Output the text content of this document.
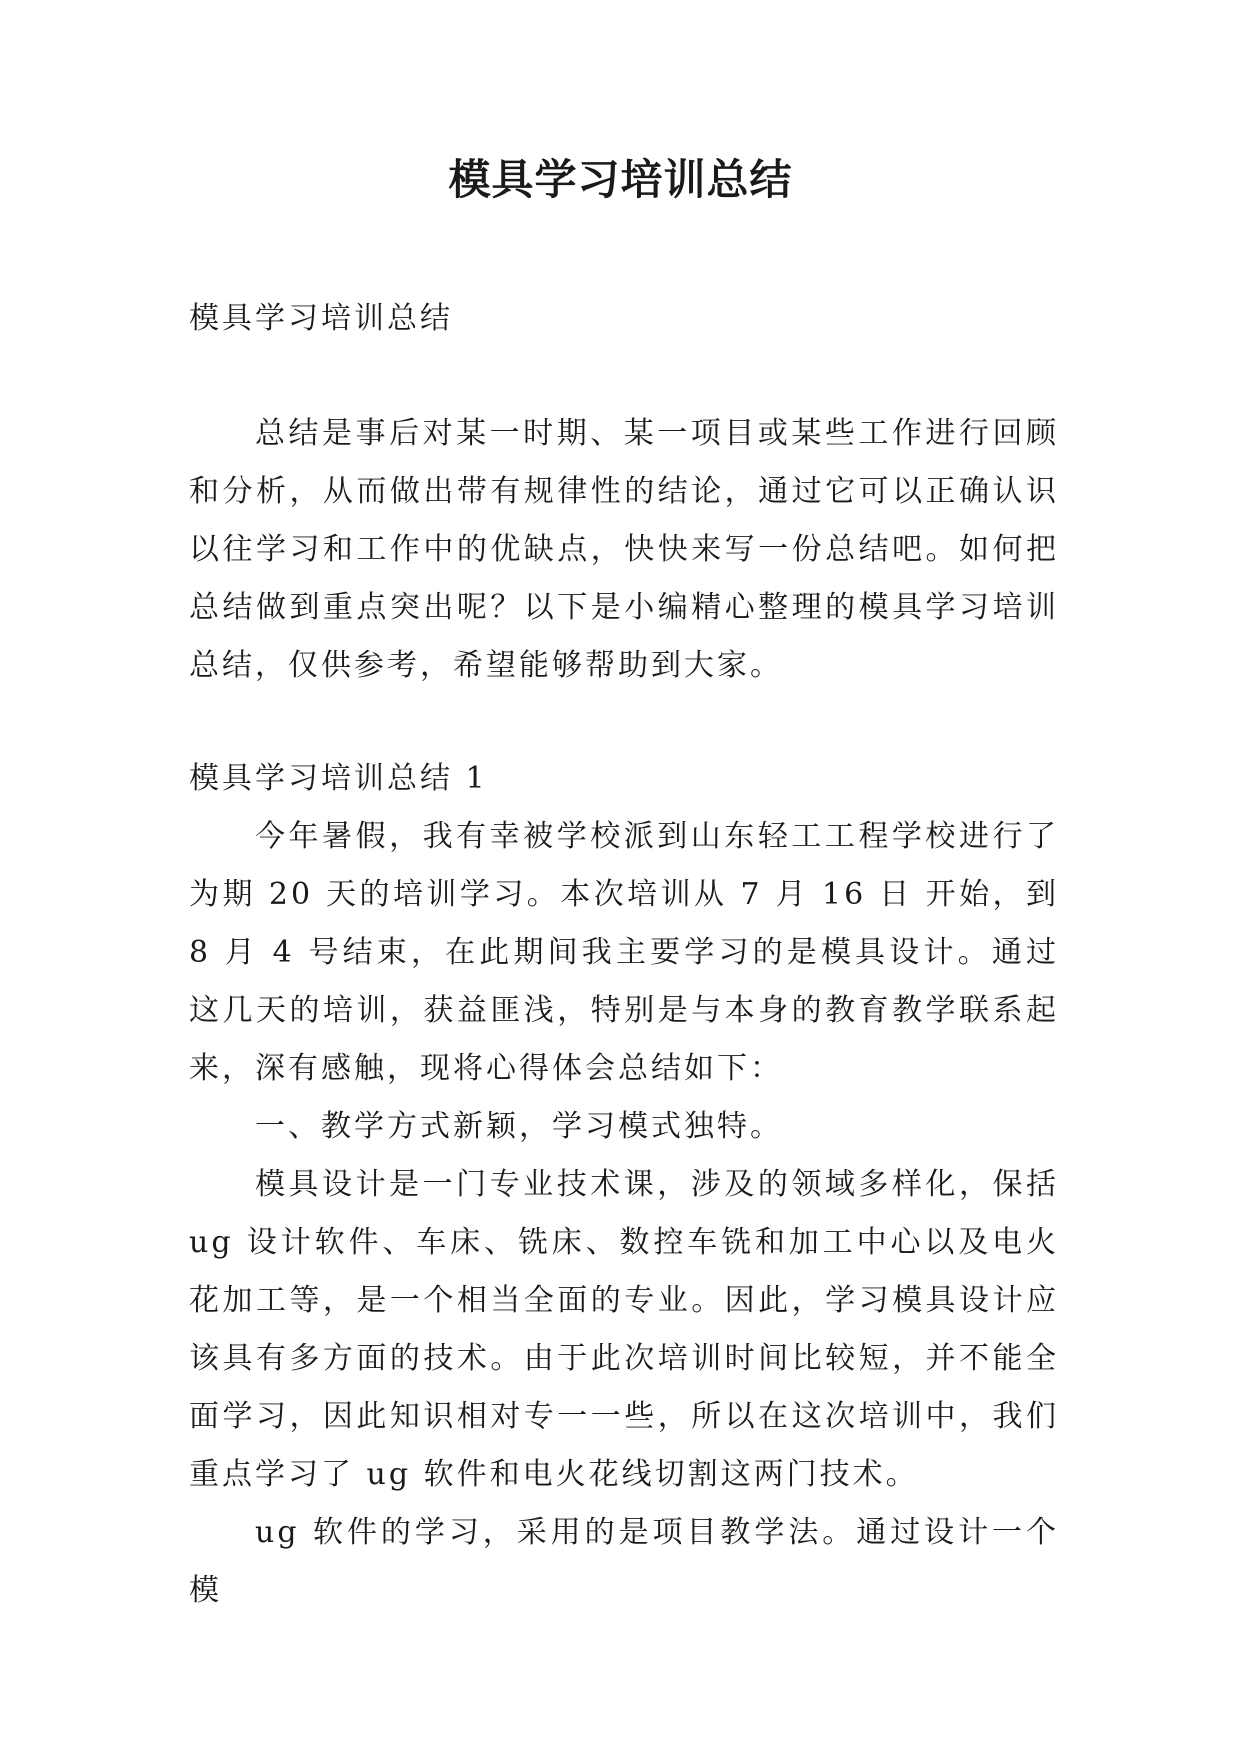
模具学习培训总结

模具学习培训总结

总结是事后对某一时期、某一项目或某些工作进行回顾和分析，从而做出带有规律性的结论，通过它可以正确认识以往学习和工作中的优缺点，快快来写一份总结吧。如何把总结做到重点突出呢？以下是小编精心整理的模具学习培训总结，仅供参考，希望能够帮助到大家。

模具学习培训总结 1

今年暑假，我有幸被学校派到山东轻工工程学校进行了为期 20 天的培训学习。本次培训从 7 月 16 日 开始，到 8 月 4 号结束，在此期间我主要学习的是模具设计。通过这几天的培训，获益匪浅，特别是与本身的教育教学联系起来，深有感触，现将心得体会总结如下：

一、教学方式新颖，学习模式独特。

模具设计是一门专业技术课，涉及的领域多样化，保括 ug 设计软件、车床、铣床、数控车铣和加工中心以及电火花加工等，是一个相当全面的专业。因此，学习模具设计应该具有多方面的技术。由于此次培训时间比较短，并不能全面学习，因此知识相对专一一些，所以在这次培训中，我们重点学习了 ug 软件和电火花线切割这两门技术。

ug 软件的学习，采用的是项目教学法。通过设计一个模
